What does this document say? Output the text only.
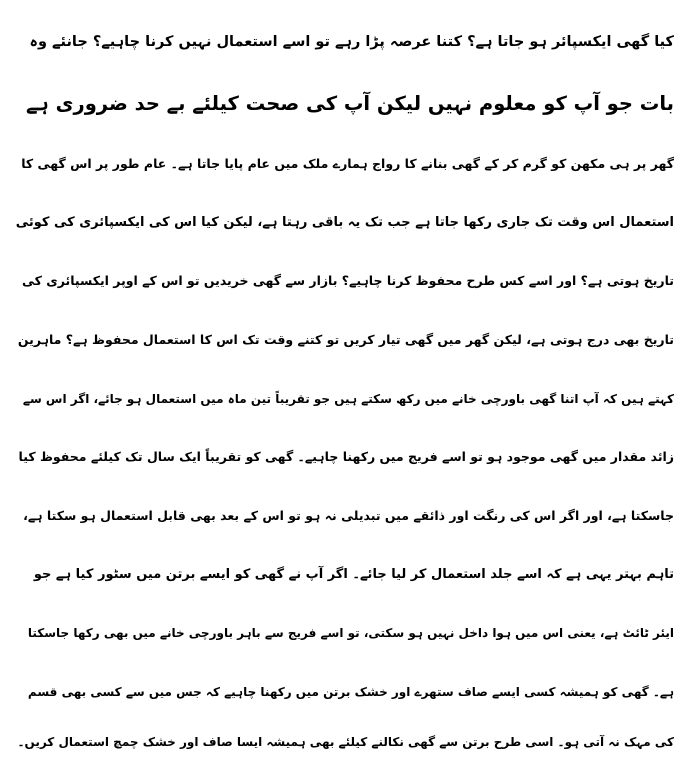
کیا گھی ایکسپائر ہو جاتا ہے؟ کتنا عرصہ پڑا رہے تو اسے استعمال نہیں کرنا چاہیے؟ جانئے وہ
بات جو آپ کو معلوم نہیں لیکن آپ کی صحت کیلئے بے حد ضروری ہے
گھر پر ہی مکھن کو گرم کر کے گھی بنانے کا رواج ہمارے ملک میں عام پایا جاتا ہے۔ عام طور پر اس گھی کا
استعمال اس وقت تک جاری رکھا جاتا ہے جب تک یہ باقی رہتا ہے، لیکن کیا اس کی ایکسپائری کی کوئی
تاریخ ہوتی ہے؟ اور اسے کس طرح محفوظ کرنا چاہیے؟ بازار سے گھی خریدیں تو اس کے اوپر ایکسپائری کی
تاریخ بھی درج ہوتی ہے، لیکن گھر میں گھی تیار کریں تو کتنے وقت تک اس کا استعمال محفوظ ہے؟ ماہرین
کہتے ہیں کہ آپ اتنا گھی باورچی خانے میں رکھ سکتے ہیں جو تقریباً تین ماہ میں استعمال ہو جائے، اگر اس سے
زائد مقدار میں گھی موجود ہو تو اسے فریج میں رکھنا چاہیے۔ گھی کو تقریباً ایک سال تک کیلئے محفوظ کیا
جاسکتا ہے، اور اگر اس کی رنگت اور ذائقے میں تبدیلی نہ ہو تو اس کے بعد بھی قابل استعمال ہو سکتا ہے،
تاہم بہتر یہی ہے کہ اسے جلد استعمال کر لیا جائے۔ اگر آپ نے گھی کو ایسے برتن میں سٹور کیا ہے جو
ایئر ٹائٹ ہے، یعنی اس میں ہوا داخل نہیں ہو سکتی، تو اسے فریج سے باہر باورچی خانے میں بھی رکھا جاسکتا
ہے۔ گھی کو ہمیشہ کسی ایسے صاف ستھرے اور خشک برتن میں رکھنا چاہیے کہ جس میں سے کسی بھی قسم
کی مہک نہ آتی ہو۔ اسی طرح برتن سے گھی نکالنے کیلئے بھی ہمیشہ ایسا صاف اور خشک چمچ استعمال کریں۔
